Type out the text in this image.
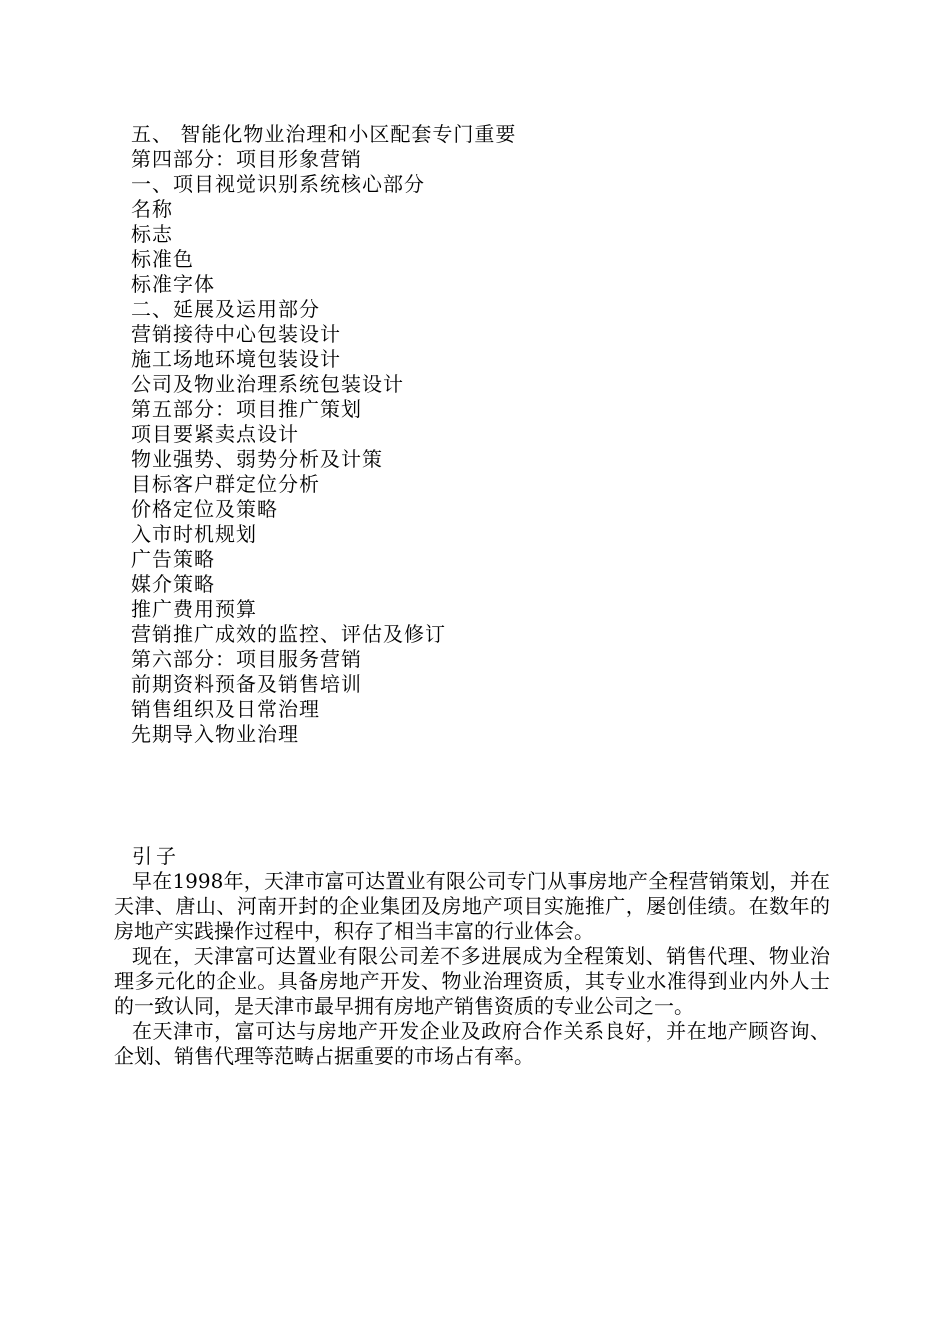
五、 智能化物业治理和小区配套专门重要
第四部分：项目形象营销
一、项目视觉识别系统核心部分
名称
标志
标准色
标准字体
二、延展及运用部分
营销接待中心包装设计
施工场地环境包装设计
公司及物业治理系统包装设计
第五部分：项目推广策划
项目要紧卖点设计
物业强势、弱势分析及计策
目标客户群定位分析
价格定位及策略
入市时机规划
广告策略
媒介策略
推广费用预算
营销推广成效的监控、评估及修订
第六部分：项目服务营销
前期资料预备及销售培训
销售组织及日常治理
先期导入物业治理
引子

早在1998年，天津市富可达置业有限公司专门从事房地产全程营销策划，并在天津、唐山、河南开封的企业集团及房地产项目实施推广，屡创佳绩。在数年的房地产实践操作过程中，积存了相当丰富的行业体会。

现在，天津富可达置业有限公司差不多进展成为全程策划、销售代理、物业治理多元化的企业。具备房地产开发、物业治理资质，其专业水准得到业内外人士的一致认同，是天津市最早拥有房地产销售资质的专业公司之一。

在天津市，富可达与房地产开发企业及政府合作关系良好，并在地产顾咨询、企划、销售代理等范畴占据重要的市场占有率。
